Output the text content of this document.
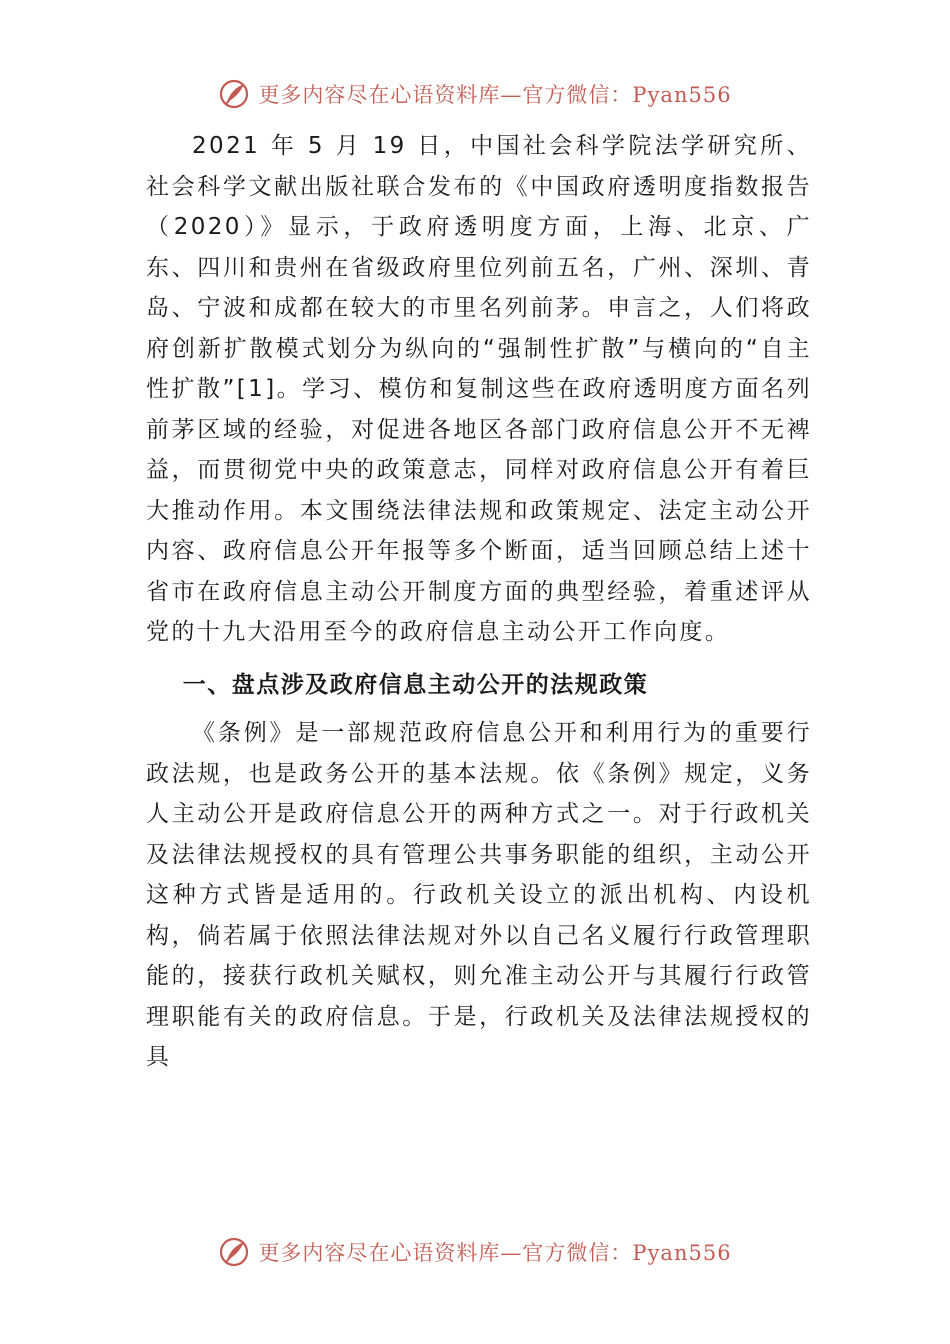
更多内容尽在心语资料库—官方微信：Pyan556

2021 年 5 月 19 日，中国社会科学院法学研究所、社会科学文献出版社联合发布的《中国政府透明度指数报告（2020）》显示，于政府透明度方面，上海、北京、广东、四川和贵州在省级政府里位列前五名，广州、深圳、青岛、宁波和成都在较大的市里名列前茅。申言之，人们将政府创新扩散模式划分为纵向的“强制性扩散”与横向的“自主性扩散”[1]。学习、模仿和复制这些在政府透明度方面名列前茅区域的经验，对促进各地区各部门政府信息公开不无裨益，而贯彻党中央的政策意志，同样对政府信息公开有着巨大推动作用。本文围绕法律法规和政策规定、法定主动公开内容、政府信息公开年报等多个断面，适当回顾总结上述十省市在政府信息主动公开制度方面的典型经验，着重述评从党的十九大沿用至今的政府信息主动公开工作向度。

一、盘点涉及政府信息主动公开的法规政策

《条例》是一部规范政府信息公开和利用行为的重要行政法规，也是政务公开的基本法规。依《条例》规定，义务人主动公开是政府信息公开的两种方式之一。对于行政机关及法律法规授权的具有管理公共事务职能的组织，主动公开这种方式皆是适用的。行政机关设立的派出机构、内设机构，倘若属于依照法律法规对外以自己名义履行行政管理职能的，接获行政机关赋权，则允准主动公开与其履行行政管理职能有关的政府信息。于是，行政机关及法律法规授权的具

更多内容尽在心语资料库—官方微信：Pyan556
